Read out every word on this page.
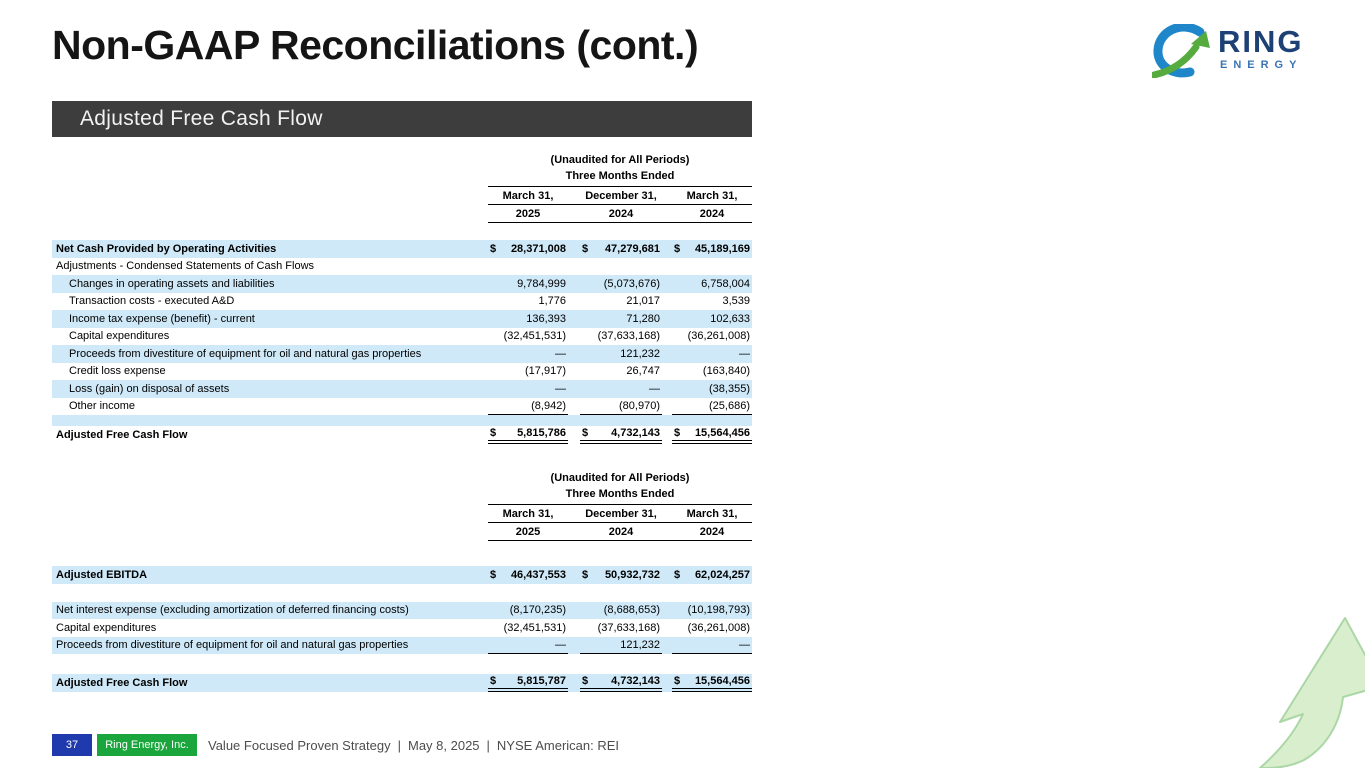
Non-GAAP Reconciliations (cont.)	RING
ENERGY
Adjusted Free Cash Flow
(Unaudited for All Periods)
Three Months Ended
March 31,	December 31,	March 31,
2025	2024	2024
Net Cash Provided by Operating Activities	$ 28,371,008 $ 47,279,681 $ 45,189,169
Adjustments - Condensed Statements of Cash Flows
Changes in operating assets and liabilities	9,784,999	(5,073,676)	6,758,004
Transaction costs - executed A&D	1,776	21,017	3,539
Income tax expense (benefit) - current	136,393	71,280	102,633
Capital expenditures	(32,451,531)	(37,633,168)	(36,261,008)
Proceeds from divestiture of equipment for oil and natural gas properties	—	121,232	—
Credit loss expense	(17,917)	26,747	(163,840)
Loss (gain) on disposal of assets	—	—	(38,355)
Other income	(8,942)	(80,970)	(25,686)
Adjusted Free Cash Flow	$ 5,815,786 $ 4,732,143 $ 15,564,456
(Unaudited for All Periods)
Three Months Ended
March 31,	December 31,	March 31,
2025	2024	2024
Adjusted EBITDA	$ 46,437,553 $ 50,932,732 $ 62,024,257
Net interest expense (excluding amortization of deferred financing costs)	(8,170,235)	(8,688,653)	(10,198,793)
Capital expenditures	(32,451,531)	(37,633,168)	(36,261,008)
Proceeds from divestiture of equipment for oil and natural gas properties	—	121,232	—
Adjusted Free Cash Flow	$ 5,815,787 $ 4,732,143 $ 15,564,456
37	Ring Energy, Inc.	Value Focused Proven Strategy | May 8, 2025 | NYSE American: REI
